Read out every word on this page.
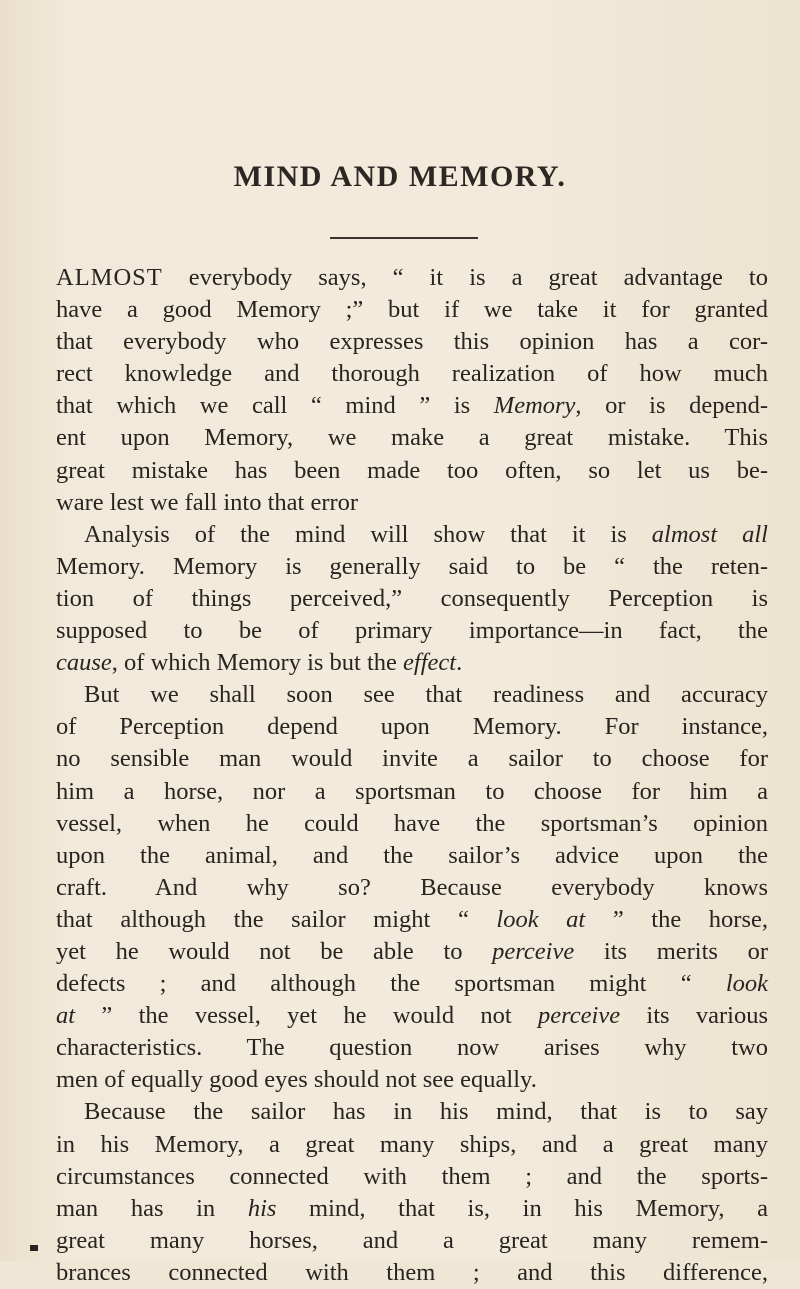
MIND AND MEMORY.
ALMOST everybody says, “ it is a great advantage to
have a good Memory ;” but if we take it for granted
that everybody who expresses this opinion has a cor-
rect knowledge and thorough realization of how much
that which we call “ mind ” is Memory, or is depend-
ent upon Memory, we make a great mistake. This
great mistake has been made too often, so let us be-
ware lest we fall into that error
Analysis of the mind will show that it is almost all
Memory. Memory is generally said to be “ the reten-
tion of things perceived,” consequently Perception is
supposed to be of primary importance—in fact, the
cause, of which Memory is but the effect.
But we shall soon see that readiness and accuracy
of Perception depend upon Memory. For instance,
no sensible man would invite a sailor to choose for
him a horse, nor a sportsman to choose for him a
vessel, when he could have the sportsman’s opinion
upon the animal, and the sailor’s advice upon the
craft. And why so? Because everybody knows
that although the sailor might “ look at ” the horse,
yet he would not be able to perceive its merits or
defects ; and although the sportsman might “ look
at ” the vessel, yet he would not perceive its various
characteristics. The question now arises why two
men of equally good eyes should not see equally.
Because the sailor has in his mind, that is to say
in his Memory, a great many ships, and a great many
circumstances connected with them ; and the sports-
man has in his mind, that is, in his Memory, a
great many horses, and a great many remem-
brances connected with them ; and this difference,
